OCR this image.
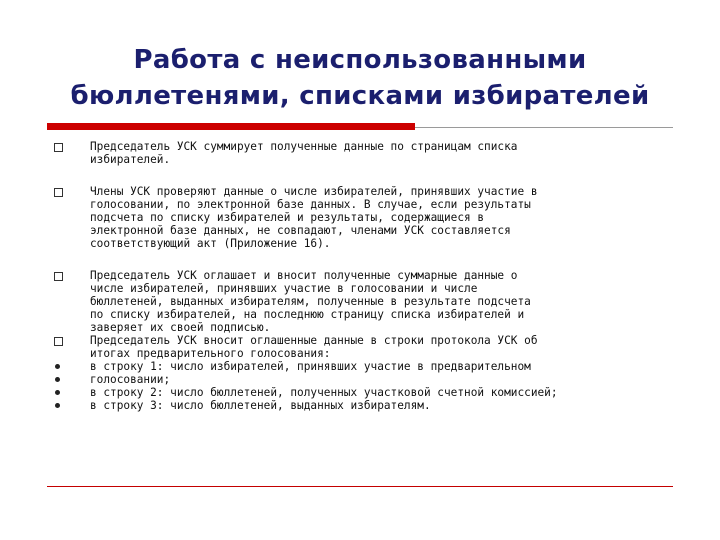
Работа с неиспользованными
бюллетенями, списками избирателей
Председатель УСК суммирует полученные данные по страницам списка
избирателей.
Члены УСК проверяют данные о числе избирателей, принявших участие в
голосовании, по электронной базе данных. В случае, если результаты
подсчета по списку избирателей и результаты, содержащиеся в
электронной базе данных, не совпадают, членами УСК составляется
соответствующий акт (Приложение 16).
Председатель УСК оглашает и вносит полученные суммарные данные о
числе избирателей, принявших участие в голосовании и числе
бюллетеней, выданных избирателям, полученные в результате подсчета
по списку избирателей, на последнюю страницу списка избирателей и
заверяет их своей подписью.
Председатель УСК вносит оглашенные данные в строки протокола УСК об
итогах предварительного голосования:
в строку 1: число избирателей, принявших участие в предварительном
голосовании;
в строку 2: число бюллетеней, полученных участковой счетной комиссией;
в строку 3: число бюллетеней, выданных избирателям.
